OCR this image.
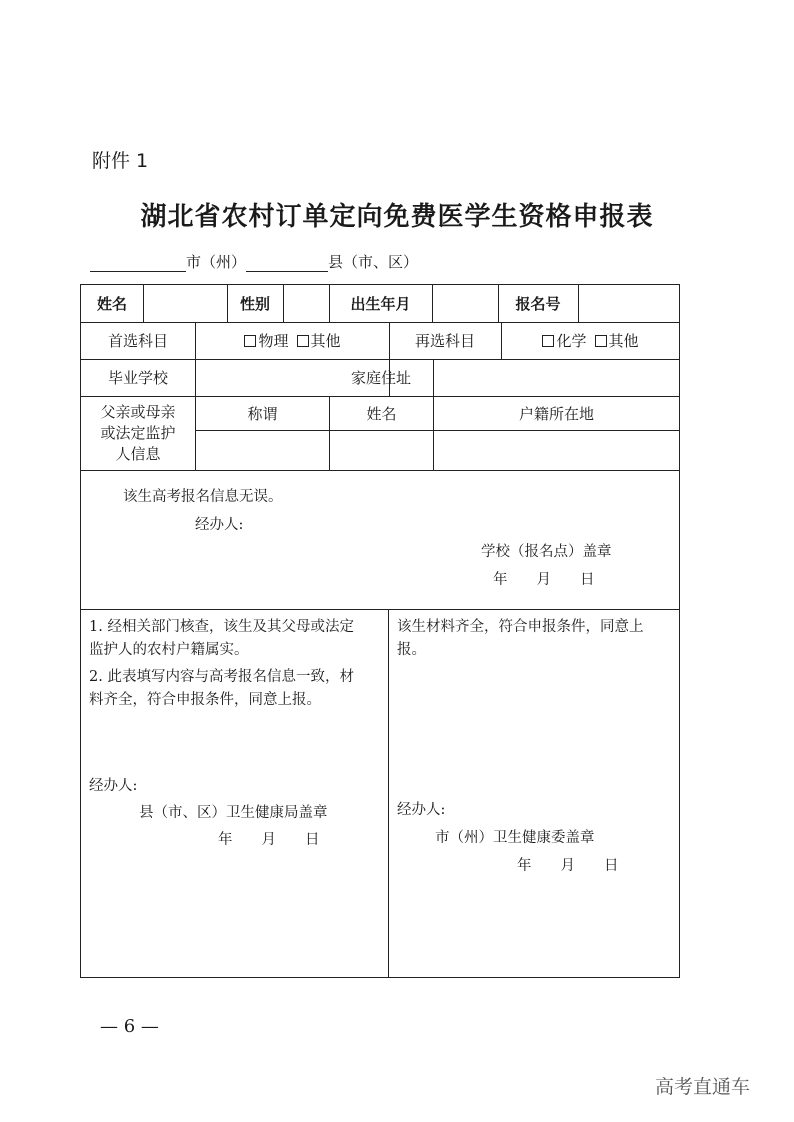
附件 1
湖北省农村订单定向免费医学生资格申报表
市（州）	县（市、区）
姓名	性别	出生年月	报名号
首选科目	物理 其他	再选科目	化学 其他
毕业学校	家庭住址
父亲或母亲
或法定监护
人信息
称谓	姓名	户籍所在地
该生高考报名信息无误。
经办人:
学校（报名点）盖章
年　　月　　日
1. 经相关部门核查，该生及其父母或法定
监护人的农村户籍属实。
2. 此表填写内容与高考报名信息一致，材
料齐全，符合申报条件，同意上报。
经办人:
县（市、区）卫生健康局盖章
年　　月　　日
该生材料齐全，符合申报条件，同意上
报。
经办人:
市（州）卫生健康委盖章
年　　月　　日
— 6 —
高考直通车
